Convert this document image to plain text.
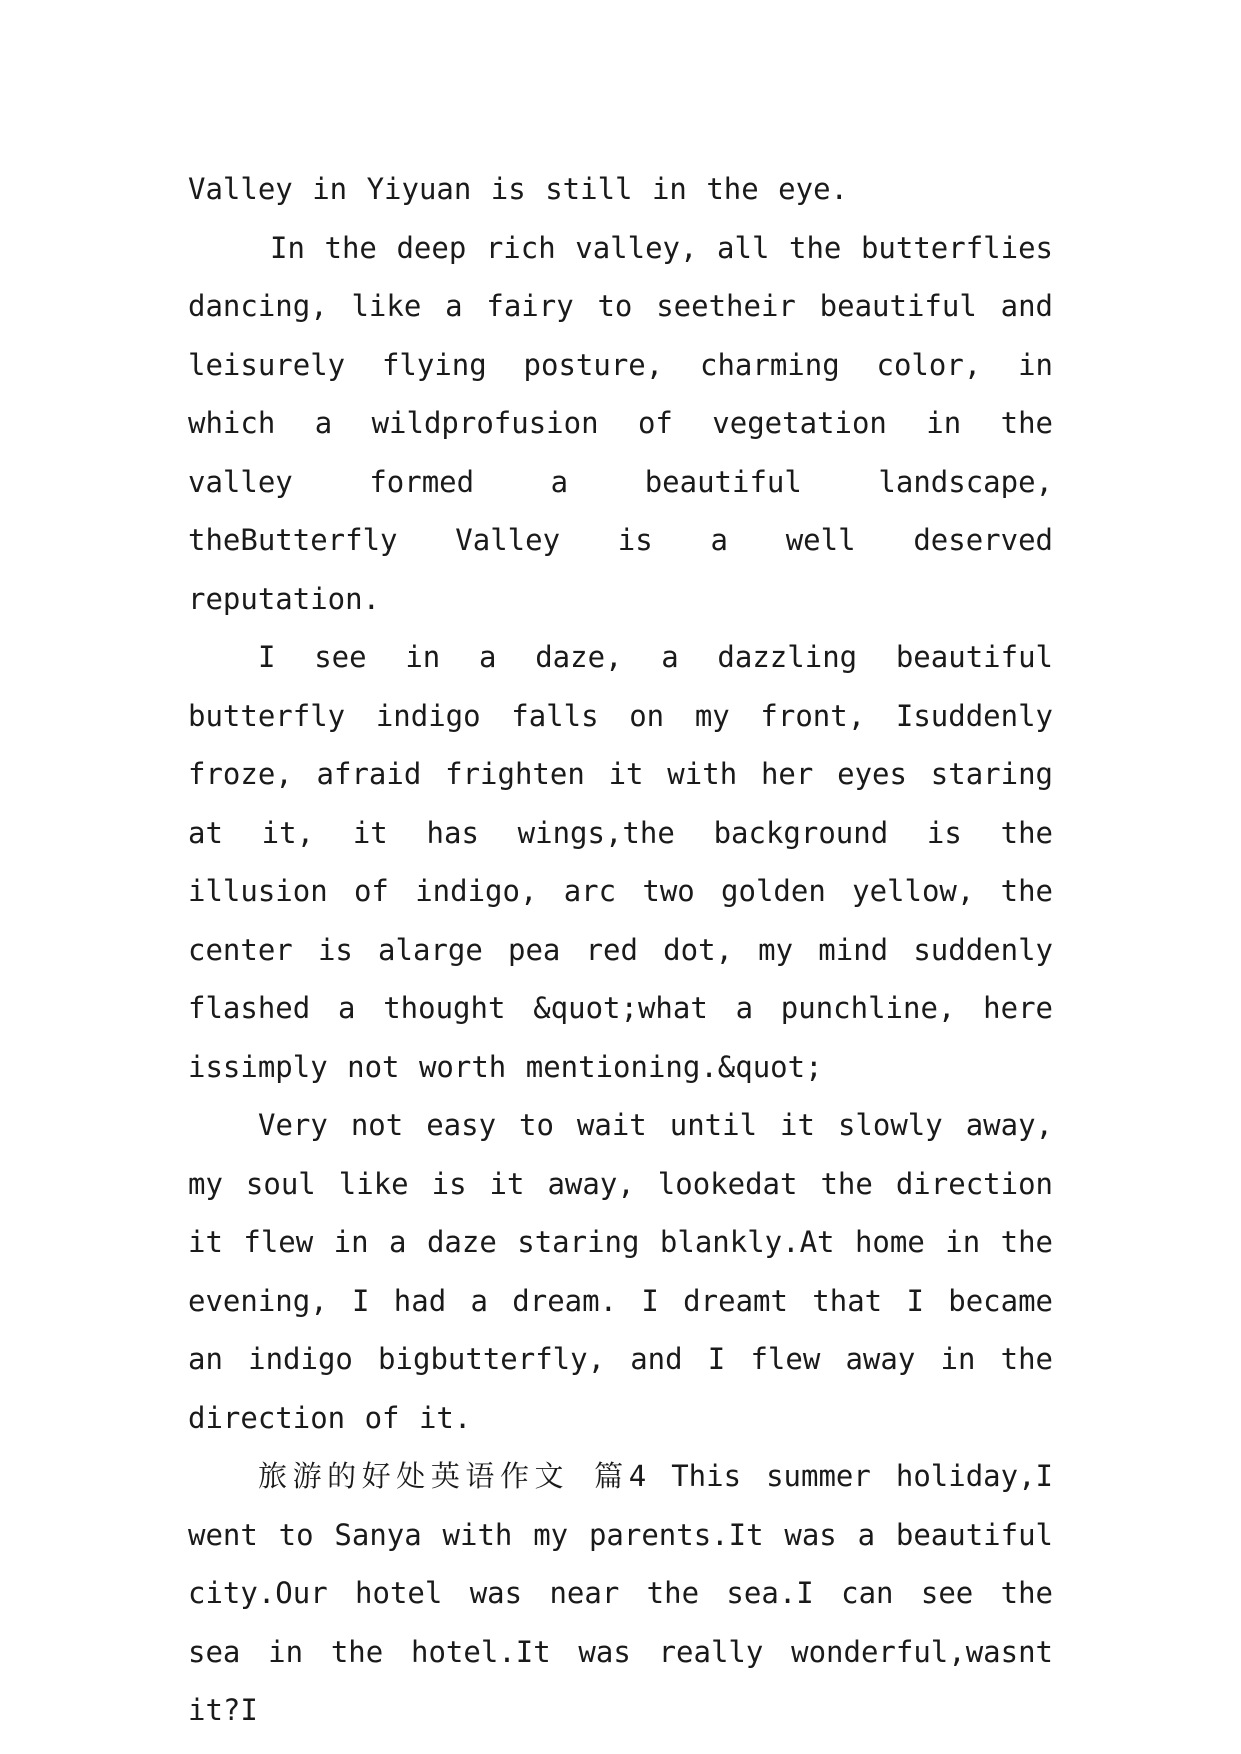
Valley in Yiyuan is still in the eye.

In the deep rich valley, all the butterflies dancing, like a fairy to seetheir beautiful and leisurely flying posture, charming color, in which a wildprofusion of vegetation in the valley formed a beautiful landscape, theButterfly Valley is a well deserved reputation.

I see in a daze, a dazzling beautiful butterfly indigo falls on my front, Isuddenly froze, afraid frighten it with her eyes staring at it, it has wings,the background is the illusion of indigo, arc two golden yellow, the center is alarge pea red dot, my mind suddenly flashed a thought &quot;what a punchline, here issimply not worth mentioning.&quot;

Very not easy to wait until it slowly away, my soul like is it away, lookedat the direction it flew in a daze staring blankly.At home in the evening, I had a dream. I dreamt that I became an indigo bigbutterfly, and I flew away in the direction of it.

旅游的好处英语作文 篇4 This summer holiday,I went to Sanya with my parents.It was a beautiful city.Our hotel was near the sea.I can see the sea in the hotel.It was really wonderful,wasnt it?I
